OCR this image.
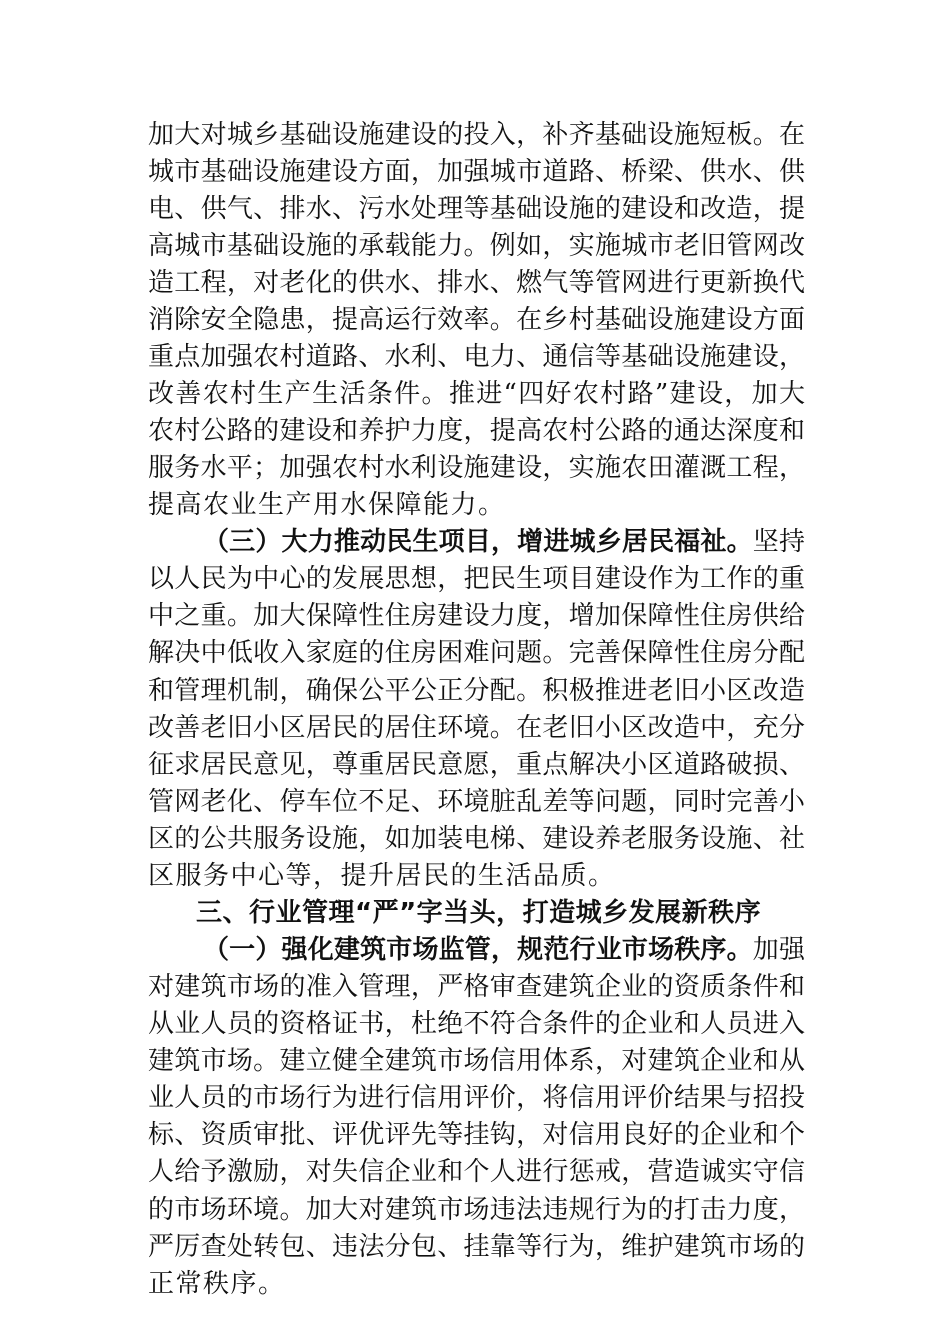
加大对城乡基础设施建设的投入，补齐基础设施短板。在
城市基础设施建设方面，加强城市道路、桥梁、供水、供
电、供气、排水、污水处理等基础设施的建设和改造，提
高城市基础设施的承载能力。例如，实施城市老旧管网改
造工程，对老化的供水、排水、燃气等管网进行更新换代
消除安全隐患，提高运行效率。在乡村基础设施建设方面
重点加强农村道路、水利、电力、通信等基础设施建设，
改善农村生产生活条件。推进“四好农村路”建设，加大
农村公路的建设和养护力度，提高农村公路的通达深度和
服务水平；加强农村水利设施建设，实施农田灌溉工程，
提高农业生产用水保障能力。
（三）大力推动民生项目，增进城乡居民福祉。坚持
以人民为中心的发展思想，把民生项目建设作为工作的重
中之重。加大保障性住房建设力度，增加保障性住房供给
解决中低收入家庭的住房困难问题。完善保障性住房分配
和管理机制，确保公平公正分配。积极推进老旧小区改造
改善老旧小区居民的居住环境。在老旧小区改造中，充分
征求居民意见，尊重居民意愿，重点解决小区道路破损、
管网老化、停车位不足、环境脏乱差等问题，同时完善小
区的公共服务设施，如加装电梯、建设养老服务设施、社
区服务中心等，提升居民的生活品质。
三、行业管理“严”字当头，打造城乡发展新秩序
（一）强化建筑市场监管，规范行业市场秩序。加强
对建筑市场的准入管理，严格审查建筑企业的资质条件和
从业人员的资格证书，杜绝不符合条件的企业和人员进入
建筑市场。建立健全建筑市场信用体系，对建筑企业和从
业人员的市场行为进行信用评价，将信用评价结果与招投
标、资质审批、评优评先等挂钩，对信用良好的企业和个
人给予激励，对失信企业和个人进行惩戒，营造诚实守信
的市场环境。加大对建筑市场违法违规行为的打击力度，
严厉查处转包、违法分包、挂靠等行为，维护建筑市场的
正常秩序。
